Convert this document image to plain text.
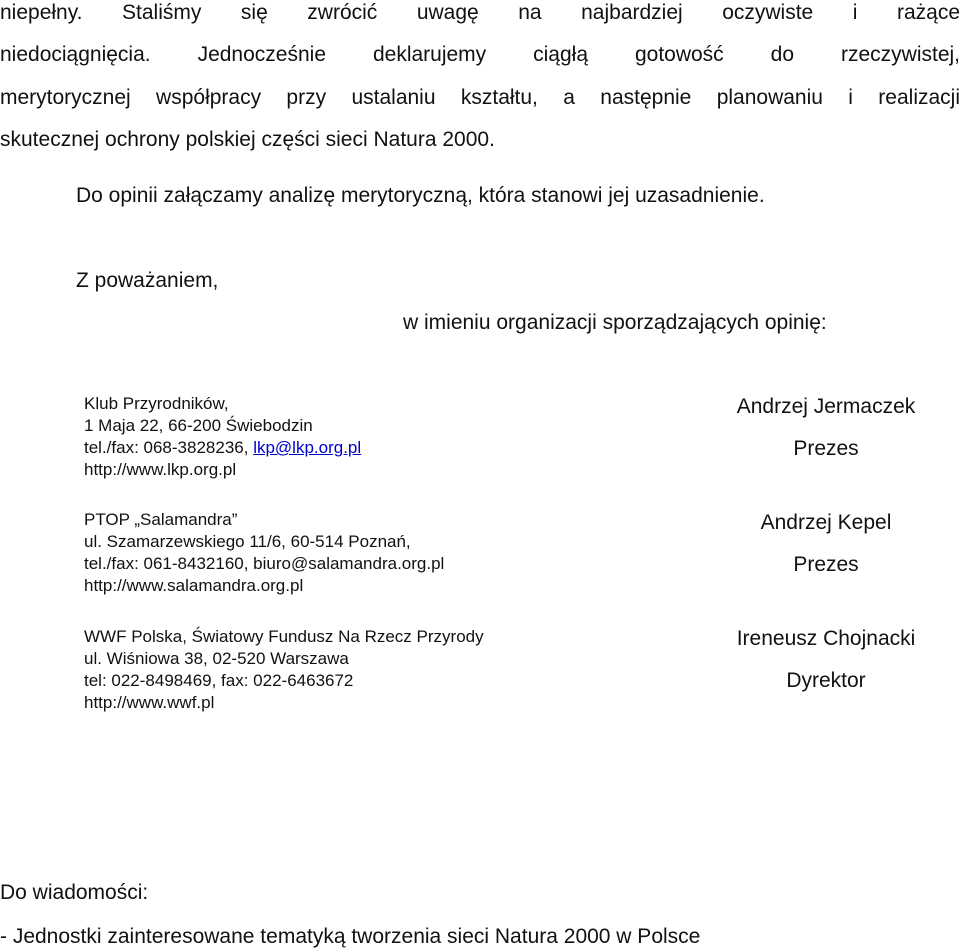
niepełny. Staliśmy się zwrócić uwagę na najbardziej oczywiste i rażące
niedociągnięcia. Jednocześnie deklarujemy ciągłą gotowość do rzeczywistej,
merytorycznej współpracy przy ustalaniu kształtu, a następnie planowaniu i realizacji
skutecznej ochrony polskiej części sieci Natura 2000.
Do opinii załączamy analizę merytoryczną, która stanowi jej uzasadnienie.
Z poważaniem,
w imieniu organizacji sporządzających opinię:
Klub Przyrodników,
1 Maja 22, 66-200 Świebodzin
tel./fax: 068-3828236, lkp@lkp.org.pl
http://www.lkp.org.pl
Andrzej Jermaczek
Prezes
PTOP „Salamandra”
ul. Szamarzewskiego 11/6, 60-514 Poznań,
tel./fax: 061-8432160, biuro@salamandra.org.pl
http://www.salamandra.org.pl
Andrzej Kepel
Prezes
WWF Polska, Światowy Fundusz Na Rzecz Przyrody
ul. Wiśniowa 38, 02-520 Warszawa
tel: 022-8498469, fax: 022-6463672
http://www.wwf.pl
Ireneusz Chojnacki
Dyrektor
Do wiadomości:
- Jednostki zainteresowane tematyką tworzenia sieci Natura 2000 w Polsce
